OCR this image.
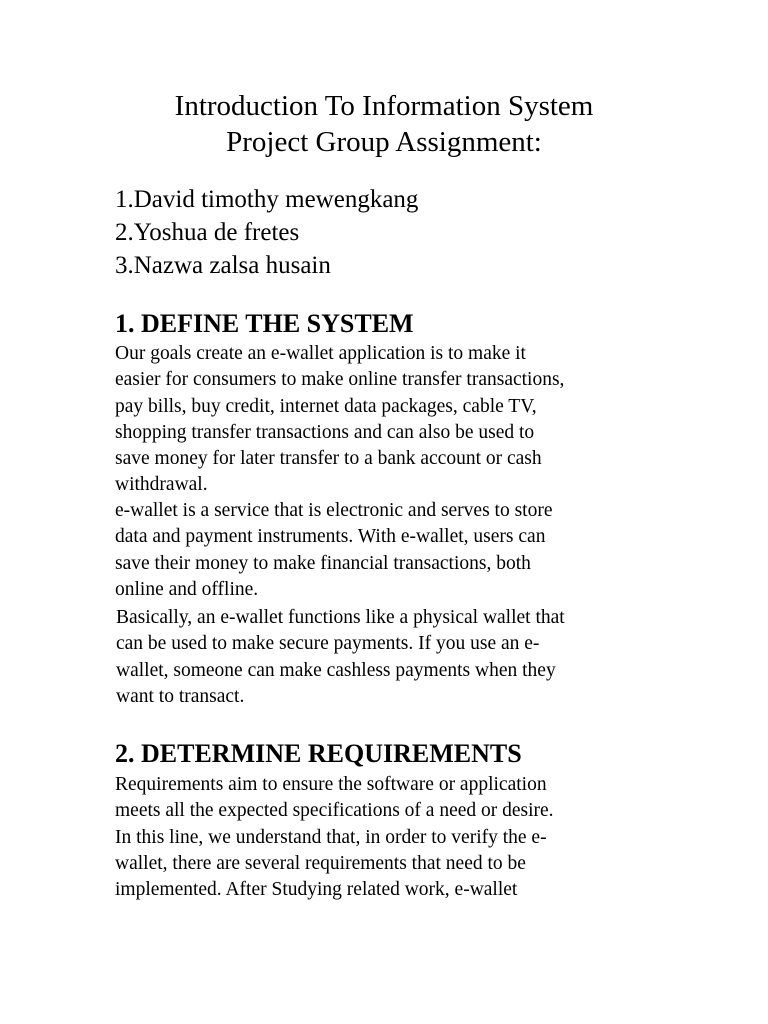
Introduction To Information System
Project Group Assignment:
1.David timothy mewengkang
2.Yoshua de fretes
3.Nazwa zalsa husain
1. DEFINE THE SYSTEM
Our goals create an e-wallet application is to make it
easier for consumers to make online transfer transactions,
pay bills, buy credit, internet data packages, cable TV,
shopping transfer transactions and can also be used to
save money for later transfer to a bank account or cash
withdrawal.
e-wallet is a service that is electronic and serves to store
data and payment instruments. With e-wallet, users can
save their money to make financial transactions, both
online and offline.
Basically, an e-wallet functions like a physical wallet that
can be used to make secure payments. If you use an e-
wallet, someone can make cashless payments when they
want to transact.
2. DETERMINE REQUIREMENTS
Requirements aim to ensure the software or application
meets all the expected specifications of a need or desire.
In this line, we understand that, in order to verify the e-
wallet, there are several requirements that need to be
implemented. After Studying related work, e-wallet
